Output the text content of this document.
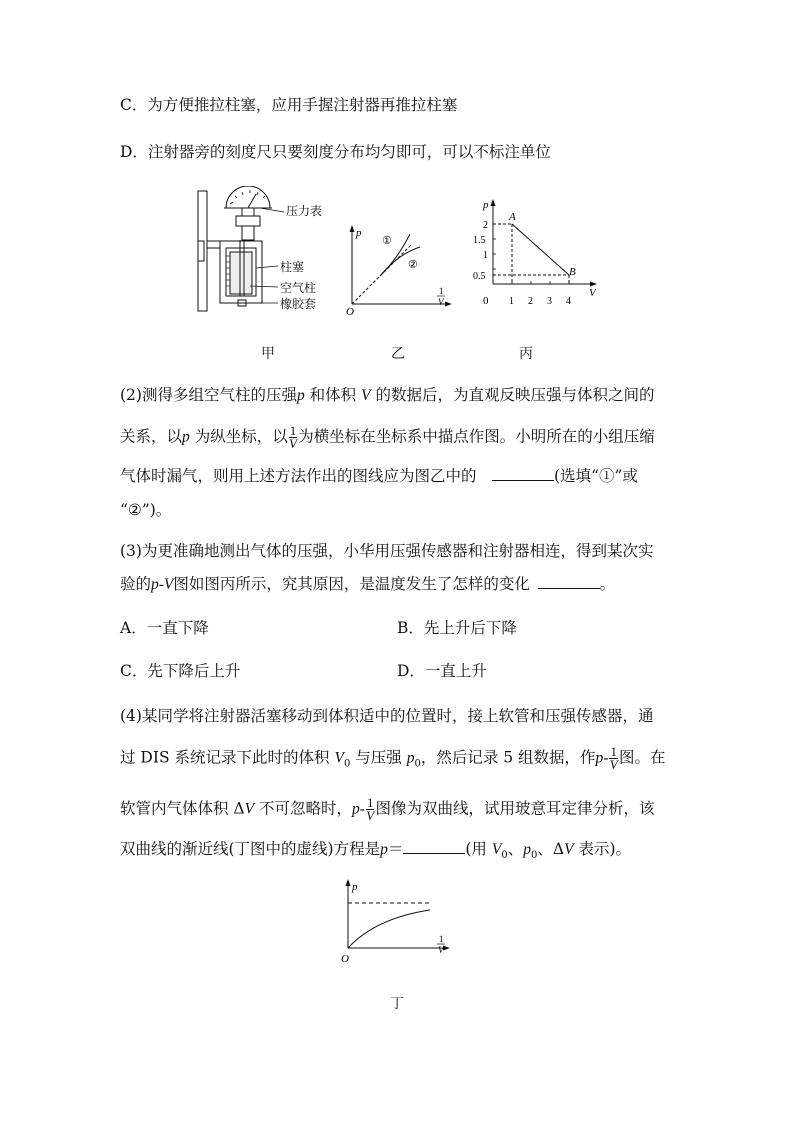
C．为方便推拉柱塞，应用手握注射器再推拉柱塞
D．注射器旁的刻度尺只要刻度分布均匀即可，可以不标注单位
压力表
柱塞
空气柱
橡胶套
p
O
1
V
①
②
p
V
0
2
1.5
1
0.5
1 2 3 4
A
B
甲	乙	丙
(2)测得多组空气柱的压强p 和体积 V 的数据后，为直观反映压强与体积之间的
关系，以p 为纵坐标，以 $\frac{1}{V}$ 为横坐标在坐标系中描点作图。小明所在的小组压缩
气体时漏气，则用上述方法作出的图线应为图乙中的 	(选填“①”或
“②”)。
(3)为更准确地测出气体的压强，小华用压强传感器和注射器相连，得到某次实
验的p-V图如图丙所示，究其原因，是温度发生了怎样的变化 	。
A．一直下降	B．先上升后下降
C．先下降后上升	D．一直上升
(4)某同学将注射器活塞移动到体积适中的位置时，接上软管和压强传感器，通
过 DIS 系统记录下此时的体积 $V_0$ 与压强 $p_0$，然后记录 5 组数据，作$p- \frac{1}{V}$ 图。在
软管内气体体积 ΔV 不可忽略时，$p- \frac{1}{V}$ 图像为双曲线，试用玻意耳定律分析，该
双曲线的渐近线(丁图中的虚线)方程是p＝	(用 $V_0$、$p_0$、ΔV 表示)。
p
O
1
V
丁
